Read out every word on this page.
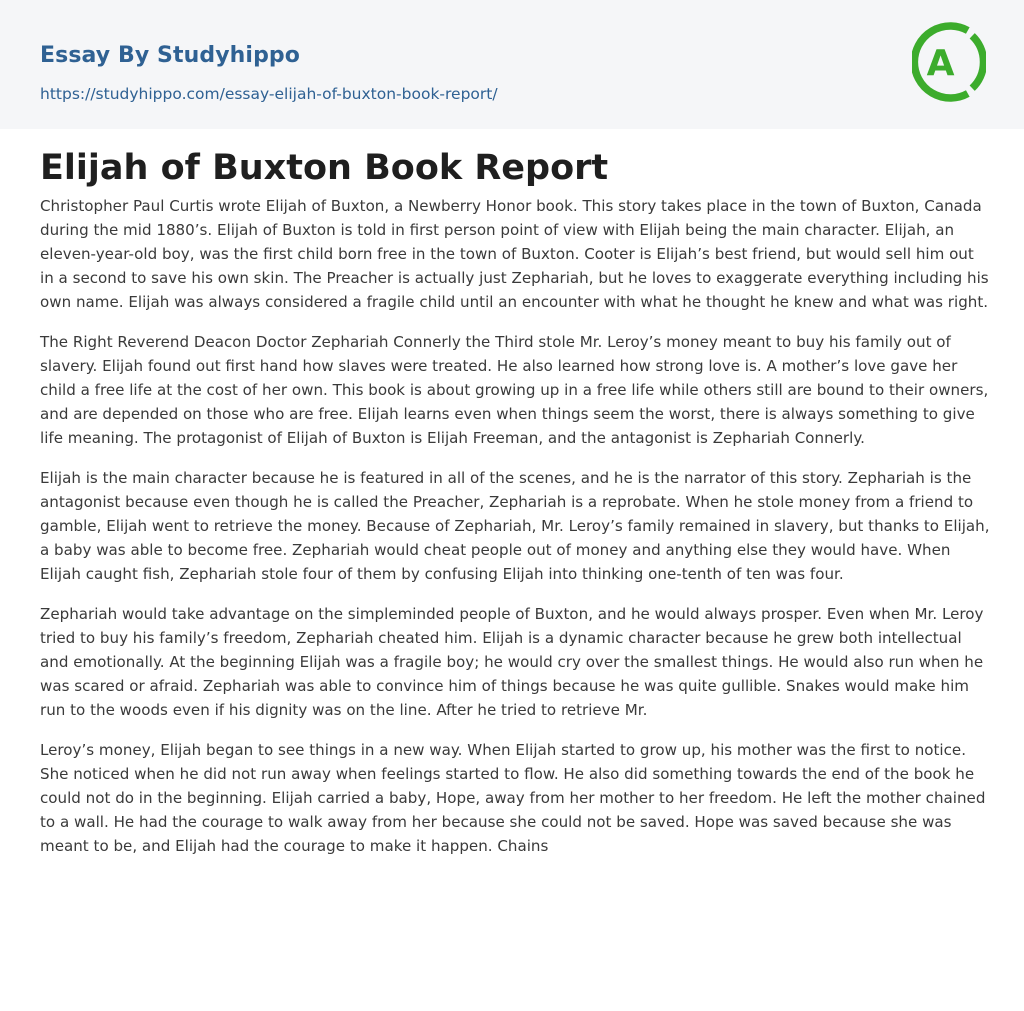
Essay By Studyhippo
https://studyhippo.com/essay-elijah-of-buxton-book-report/
A
Elijah of Buxton Book Report

Christopher Paul Curtis wrote Elijah of Buxton, a Newberry Honor book. This story takes place in the town of Buxton, Canada during the mid 1880’s. Elijah of Buxton is told in first person point of view with Elijah being the main character. Elijah, an eleven-year-old boy, was the first child born free in the town of Buxton. Cooter is Elijah’s best friend, but would sell him out in a second to save his own skin. The Preacher is actually just Zephariah, but he loves to exaggerate everything including his own name. Elijah was always considered a fragile child until an encounter with what he thought he knew and what was right.

The Right Reverend Deacon Doctor Zephariah Connerly the Third stole Mr. Leroy’s money meant to buy his family out of slavery. Elijah found out first hand how slaves were treated. He also learned how strong love is. A mother’s love gave her child a free life at the cost of her own. This book is about growing up in a free life while others still are bound to their owners, and are depended on those who are free. Elijah learns even when things seem the worst, there is always something to give life meaning. The protagonist of Elijah of Buxton is Elijah Freeman, and the antagonist is Zephariah Connerly.

Elijah is the main character because he is featured in all of the scenes, and he is the narrator of this story. Zephariah is the antagonist because even though he is called the Preacher, Zephariah is a reprobate. When he stole money from a friend to gamble, Elijah went to retrieve the money. Because of Zephariah, Mr. Leroy’s family remained in slavery, but thanks to Elijah, a baby was able to become free. Zephariah would cheat people out of money and anything else they would have. When Elijah caught fish, Zephariah stole four of them by confusing Elijah into thinking one-tenth of ten was four.

Zephariah would take advantage on the simpleminded people of Buxton, and he would always prosper. Even when Mr. Leroy tried to buy his family’s freedom, Zephariah cheated him. Elijah is a dynamic character because he grew both intellectual and emotionally. At the beginning Elijah was a fragile boy; he would cry over the smallest things. He would also run when he was scared or afraid. Zephariah was able to convince him of things because he was quite gullible. Snakes would make him run to the woods even if his dignity was on the line. After he tried to retrieve Mr.

Leroy’s money, Elijah began to see things in a new way. When Elijah started to grow up, his mother was the first to notice. She noticed when he did not run away when feelings started to flow. He also did something towards the end of the book he could not do in the beginning. Elijah carried a baby, Hope, away from her mother to her freedom. He left the mother chained to a wall. He had the courage to walk away from her because she could not be saved. Hope was saved because she was meant to be, and Elijah had the courage to make it happen. Chains
